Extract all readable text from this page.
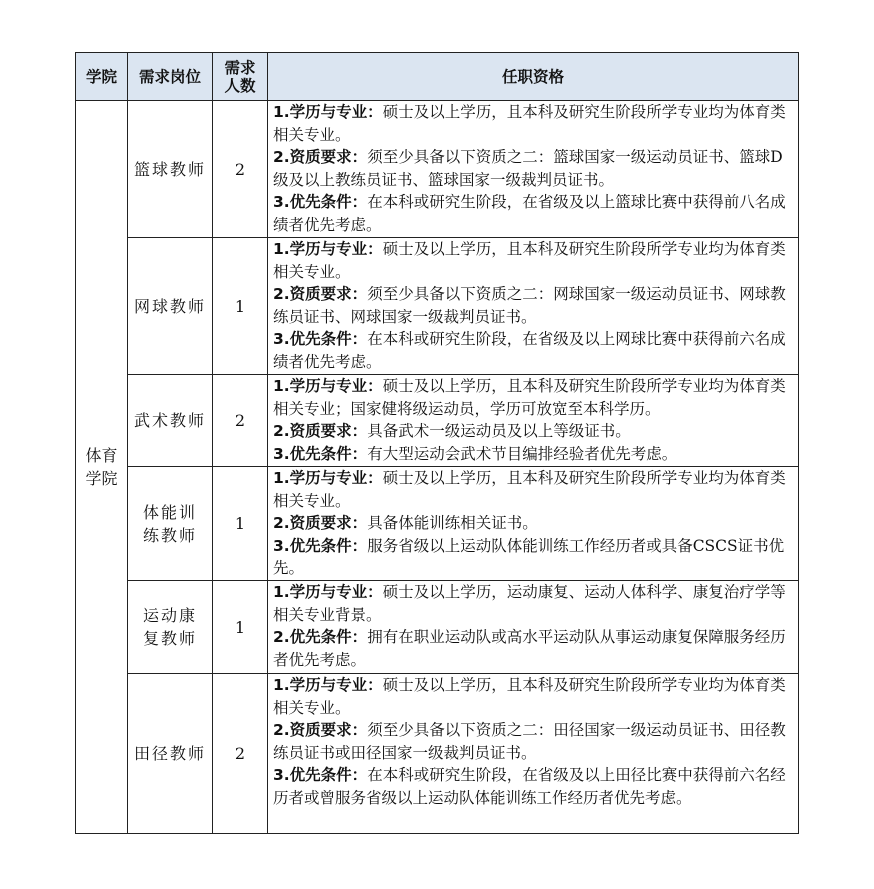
学院	需求岗位	需求人数	任职资格
体育学院	篮球教师	2	1.学历与专业：硕士及以上学历，且本科及研究生阶段所学专业均为体育类相关专业。

2.资质要求：须至少具备以下资质之二：篮球国家一级运动员证书、篮球D级及以上教练员证书、篮球国家一级裁判员证书。

3.优先条件：在本科或研究生阶段，在省级及以上篮球比赛中获得前八名成绩者优先考虑。

	网球教师	1	1.学历与专业：硕士及以上学历，且本科及研究生阶段所学专业均为体育类相关专业。

2.资质要求：须至少具备以下资质之二：网球国家一级运动员证书、网球教练员证书、网球国家一级裁判员证书。

3.优先条件：在本科或研究生阶段，在省级及以上网球比赛中获得前六名成绩者优先考虑。

	武术教师	2	1.学历与专业：硕士及以上学历，且本科及研究生阶段所学专业均为体育类相关专业；国家健将级运动员，学历可放宽至本科学历。

2.资质要求：具备武术一级运动员及以上等级证书。

3.优先条件：有大型运动会武术节目编排经验者优先考虑。

	体能训练教师	1	1.学历与专业：硕士及以上学历，且本科及研究生阶段所学专业均为体育类相关专业。

2.资质要求：具备体能训练相关证书。

3.优先条件：服务省级以上运动队体能训练工作经历者或具备CSCS证书优先。

	运动康复教师	1	1.学历与专业：硕士及以上学历，运动康复、运动人体科学、康复治疗学等相关专业背景。

2.优先条件：拥有在职业运动队或高水平运动队从事运动康复保障服务经历者优先考虑。

	田径教师	2	1.学历与专业：硕士及以上学历，且本科及研究生阶段所学专业均为体育类相关专业。

2.资质要求：须至少具备以下资质之二：田径国家一级运动员证书、田径教练员证书或田径国家一级裁判员证书。

3.优先条件：在本科或研究生阶段，在省级及以上田径比赛中获得前六名经历者或曾服务省级以上运动队体能训练工作经历者优先考虑。
